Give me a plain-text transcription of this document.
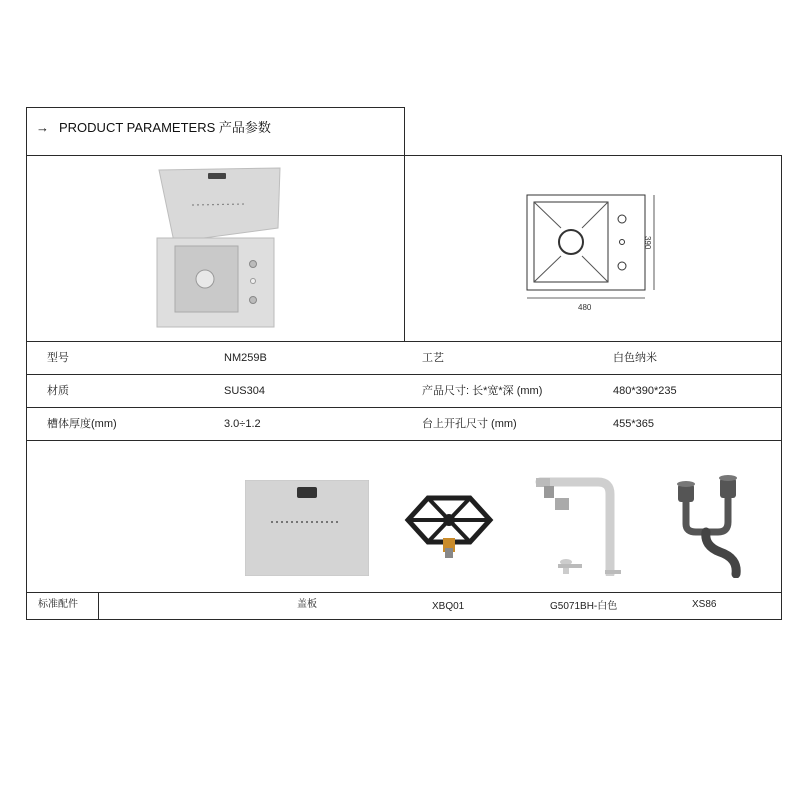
→ PRODUCT PARAMETERS 产品参数
480
390
型号	NM259B	工艺	白色纳米
材质	SUS304	产品尺寸: 长*宽*深 (mm)	480*390*235
槽体厚度(mm)	3.0÷1.2	台上开孔尺寸 (mm)	455*365
标准配件	盖板	XBQ01	G5071BH-白色	XS86
